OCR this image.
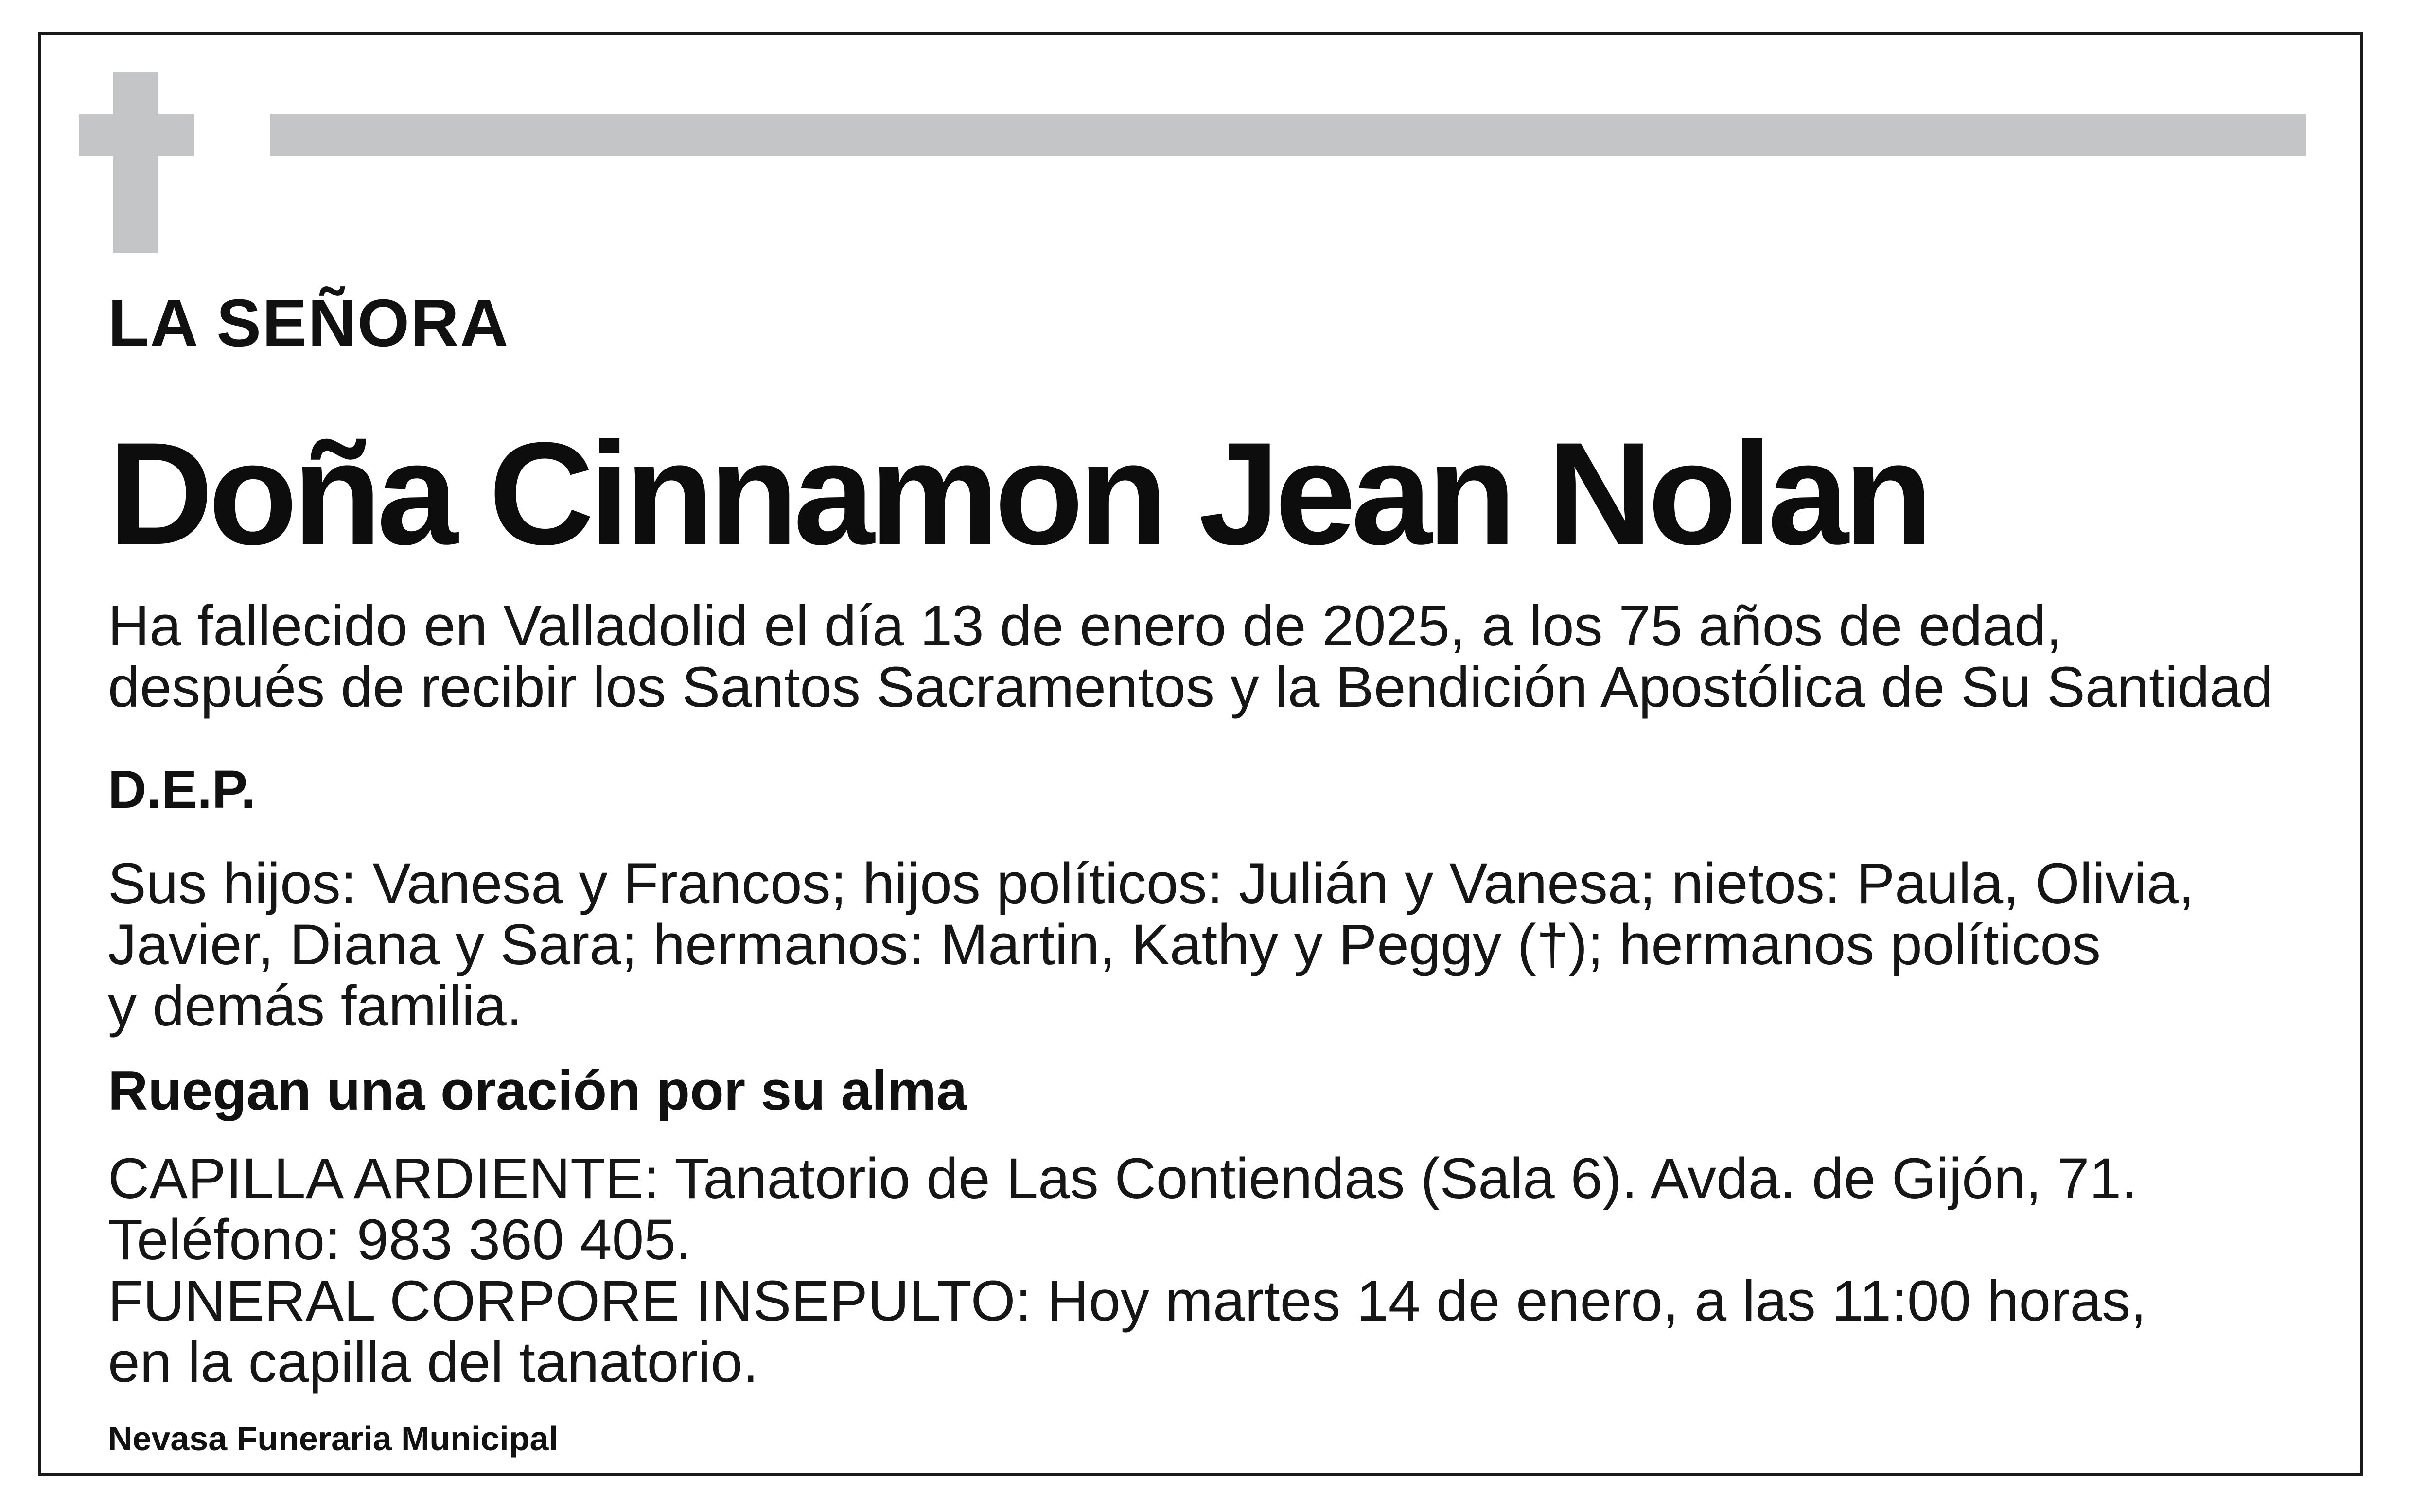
LA SEÑORA

Doña Cinnamon Jean Nolan
Ha fallecido en Valladolid el día 13 de enero de 2025, a los 75 años de edad,
después de recibir los Santos Sacramentos y la Bendición Apostólica de Su Santidad

D.E.P.

Sus hijos: Vanesa y Francos; hijos políticos: Julián y Vanesa; nietos: Paula, Olivia,
Javier, Diana y Sara; hermanos: Martin, Kathy y Peggy (†); hermanos políticos
y demás familia.

Ruegan una oración por su alma

CAPILLA ARDIENTE: Tanatorio de Las Contiendas (Sala 6). Avda. de Gijón, 71.
Teléfono: 983 360 405.
FUNERAL CORPORE INSEPULTO: Hoy martes 14 de enero, a las 11:00 horas,
en la capilla del tanatorio.

Nevasa Funeraria Municipal
